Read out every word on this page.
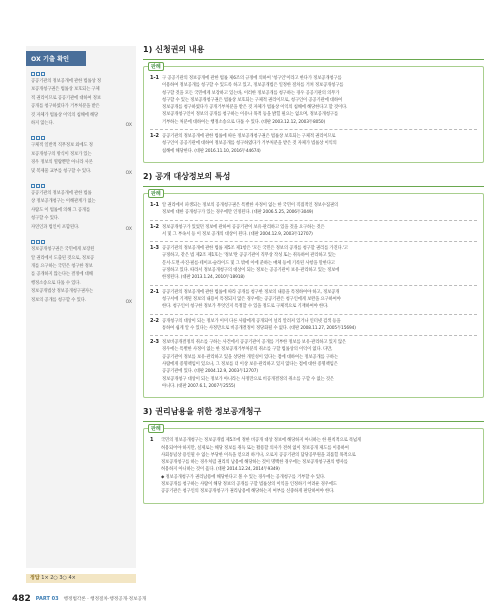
OX 기출 확인
공공기관의 정보공개에 관한 법률상 정
보공개청구권은 법률상 보호되는 구체
적 권리이므로 공공기관에 대하여 정보
공개를 청구하였다가 거부처분을 받은
것 자체가 법률상 이익의 침해에 해당
하지 않는다.	OX
구체적 일반적 직무정보 외에도 정
보공개청구의 방식이 정보가 있는
경우 정보의 열람뿐만 아니라 사본
및 복제물 교부를 청구할 수 있다.	OX
공공기관의 정보공개에 관한 법률
상 정보공개청구는 이해관계가 없는
사람도 이 법률에 의해 그 공개를
청구할 수 있다.
자연인과 법인이 포함된다.	OX
정보공개청구권은 국민에게 보장된
알 권리에서 도출된 것으로, 정보공
개를 요구하는 국민은 청구한 정보
를 공개하지 않는다는 결정에 대해
행정소송으로 다툴 수 있다.
정보공개법상 정보공개청구권자는
정보의 공개를 청구할 수 있다.	OX
정답 1× 2○ 3○ 4×
1) 신청권의 내용
판례
1-1 구 공공기관의 정보공개에 관한 법률 제6조의 규정에 의하여 '청구인'이라고 한다가 정보공개청구를
이용하여 정보공개를 청구할 수 있도록 하고 있고, 정보공개법은 일정한 절차를 거쳐 정보공개청구를
청구할 것을 모든 국민에게 보장하고 있는바, 이러한 정보공개를 청구하는 경우 공공기관의 의무가
청구할 수 있는 정보공개청구권은 법률상 보호되는 구체적 권리이므로, 청구인이 공공기관에 대하여
정보공개를 청구하였다가 공개거부처분을 받은 것 자체가 법률상 이익의 침해에 해당한다고 할 것이다.
정보공개청구인이 정보의 공개를 청구하는 이유나 목적 등을 밝힐 필요는 없으며, 정보공개청구를
거부하는 처분에 대하여는 행정소송으로 다툴 수 있다. (대판 2003.12.12, 2003두8050)
1-2 공공기관의 정보공개에 관한 법률에 따른 정보공개청구권은 법률상 보호되는 구체적 권리이므로
청구인이 공공기관에 대하여 정보공개를 청구하였다가 거부처분을 받은 것 자체가 법률상 이익의
침해에 해당한다. (대판 2016.11.10, 2016두44674)
2) 공개 대상정보의 특성
판례
1-1 알 권리에서 파생되는 정보의 공개청구권은 특별한 사정이 없는 한 국민이 직접적인 정보수집권의
정보에 대한 공개청구가 있는 경우에만 인정된다. (대판 2006.5.25, 2006두3049)
1-2 정보공개청구가 있었던 정보에 관하여 공공기관이 보유·관리하고 있을 것을 요구하는 것은
서 및 그 부속서 등 이 정보 공개의 대상이 된다. (대판 2004.12.9, 2003두12707)
1-3 공공기관의 정보공개에 관한 법률 제5조 제1항은 '모든 국민은 정보의 공개를 청구할 권리를 가진다.'고
규정하고, 같은 법 제2조 제1호는 '정보'란 공공기관이 직무상 작성 또는 취득하여 관리하고 있는
문서·도면·사진·필름·테이프·슬라이드 및 그 밖에 이에 준하는 매체 등에 기록된 사항을 말한다고
규정하고 있다. 따라서 정보공개청구의 대상이 되는 정보는 공공기관이 보유·관리하고 있는 정보에
한정된다. (대판 2013.1.24, 2010두18918)
2-1 공공기관의 정보공개에 관한 법률에 따라 공개를 청구한 정보의 내용을 특정하여야 하고, 정보공개
청구서에 기재된 정보의 내용이 특정되지 않은 경우에는 공공기관은 청구인에게 보완을 요구하여야
한다. 청구인이 청구한 정보가 무엇인지 특정할 수 있을 정도로 구체적으로 기재하여야 한다.
2-2 공개청구의 대상이 되는 정보가 이미 다른 사람에게 공개되어 널리 알려져 있거나 인터넷 검색 등을
통하여 쉽게 알 수 있다는 사정만으로 비공개결정이 정당화될 수 없다. (대판 2008.11.27, 2005두15694)
2-3 정보비공개결정의 취소를 구하는 사건에서 공공기관이 공개를 거부한 정보를 보유·관리하고 있지 않은
경우에는 특별한 사정이 없는 한 정보공개거부처분의 취소를 구할 법률상의 이익이 없다. 다만,
공공기관이 정보를 보유·관리하고 있을 상당한 개연성이 있다는 점에 대하여는 정보공개를 구하는
사람에게 증명책임이 있으나, 그 정보를 더 이상 보유·관리하고 있지 않다는 점에 대한 증명책임은
공공기관에 있다. (대판 2004.12.9, 2003두12707)
정보공개청구 대상이 되는 정보가 아니라는 사정만으로 비공개결정의 취소를 구할 수 없는 것은
아니다. (대판 2007.6.1, 2007두2555)
3) 권리남용을 위한 정보공개청구
판례
1	국민의 정보공개청구는 정보공개법 제5조에 정한 비공개 대상 정보에 해당하지 아니하는 한 원칙적으로 폭넓게
허용되어야 하지만, 실제로는 해당 정보를 취득 또는 활용할 의사가 전혀 없이 정보공개 제도를 이용하여
사회통념상 용인될 수 없는 부당한 이득을 얻으려 하거나, 오로지 공공기관의 담당공무원을 괴롭힐 목적으로
정보공개청구를 하는 경우처럼 권리의 남용에 해당하는 것이 명백한 경우에는 정보공개청구권의 행사를
허용하지 아니하는 것이 옳다. (대판 2014.12.24, 2014두9349)
◆ 정보공개청구가 권리남용에 해당한다고 볼 수 있는 경우에는 공개청구를 거부할 수 있다.
정보공개를 청구하는 사람이 해당 정보의 공개를 구할 법률상의 이익을 인정하기 어려운 경우에도
공공기관은 청구인의 정보공개청구가 권리남용에 해당하는지 여부를 신중하게 판단하여야 한다.
482 PART 03 행정법각론 · 행정절차·행정공개·정보공개
